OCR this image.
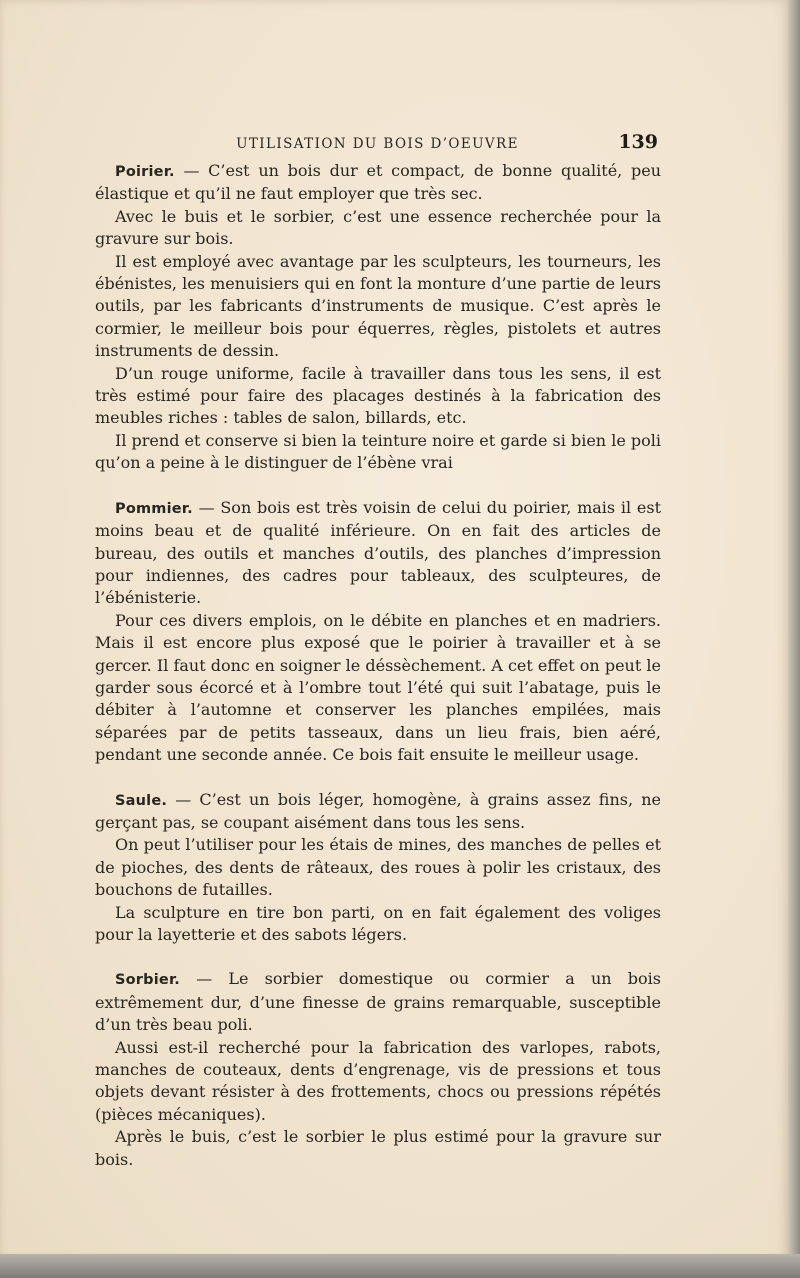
UTILISATION DU BOIS D’OEUVRE	139

Poirier. — C’est un bois dur et compact, de bonne qualité, peu élastique et qu’il ne faut employer que très sec.

Avec le buis et le sorbier, c’est une essence recherchée pour la gravure sur bois.

Il est employé avec avantage par les sculpteurs, les tourneurs, les ébénistes, les menuisiers qui en font la monture d’une partie de leurs outils, par les fabricants d’instruments de musique. C’est après le cormier, le meilleur bois pour équerres, règles, pistolets et autres instruments de dessin.

D’un rouge uniforme, facile à travailler dans tous les sens, il est très estimé pour faire des placages destinés à la fabrication des meubles riches : tables de salon, billards, etc.

Il prend et conserve si bien la teinture noire et garde si bien le poli qu’on a peine à le distinguer de l’ébène vrai

Pommier. — Son bois est très voisin de celui du poirier, mais il est moins beau et de qualité inférieure. On en fait des articles de bureau, des outils et manches d’outils, des planches d’impression pour indiennes, des cadres pour tableaux, des sculpteures, de l’ébénisterie.

Pour ces divers emplois, on le débite en planches et en madriers. Mais il est encore plus exposé que le poirier à travailler et à se gercer. Il faut donc en soigner le déssèchement. A cet effet on peut le garder sous écorcé et à l’ombre tout l’été qui suit l’abatage, puis le débiter à l’automne et conserver les planches empilées, mais séparées par de petits tasseaux, dans un lieu frais, bien aéré, pendant une seconde année. Ce bois fait ensuite le meilleur usage.

Saule. — C’est un bois léger, homogène, à grains assez fins, ne gerçant pas, se coupant aisément dans tous les sens.

On peut l’utiliser pour les étais de mines, des manches de pelles et de pioches, des dents de râteaux, des roues à polir les cristaux, des bouchons de futailles.

La sculpture en tire bon parti, on en fait également des voliges pour la layetterie et des sabots légers.

Sorbier. — Le sorbier domestique ou cormier a un bois extrêmement dur, d’une finesse de grains remarquable, susceptible d’un très beau poli.

Aussi est-il recherché pour la fabrication des varlopes, rabots, manches de couteaux, dents d’engrenage, vis de pressions et tous objets devant résister à des frottements, chocs ou pressions répétés (pièces mécaniques).

Après le buis, c’est le sorbier le plus estimé pour la gravure sur bois.
